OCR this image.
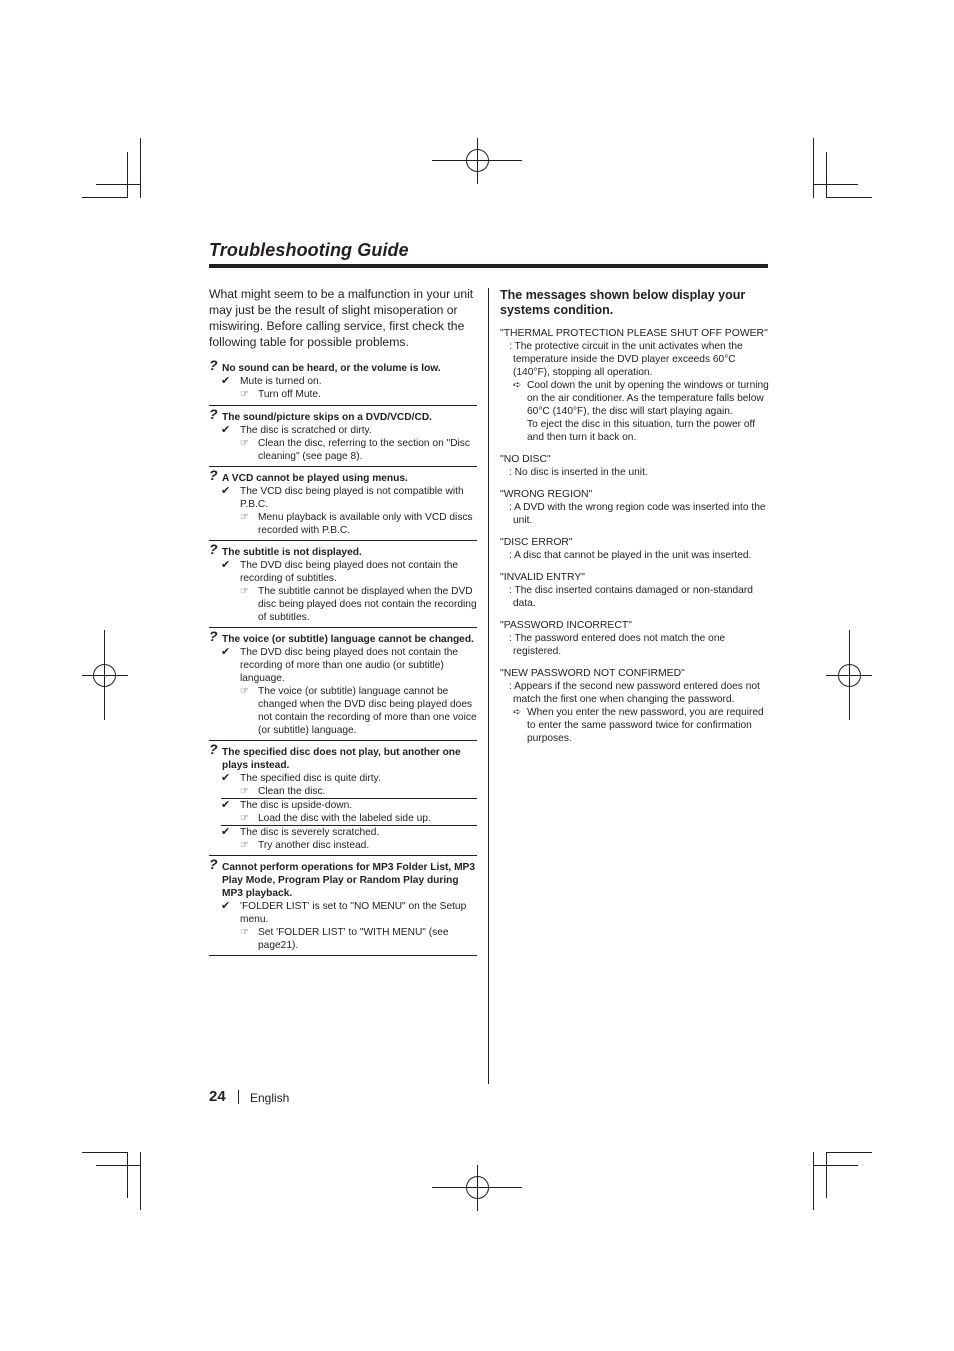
Troubleshooting Guide
What might seem to be a malfunction in your unit may just be the result of slight misoperation or miswiring. Before calling service, first check the following table for possible problems.
? No sound can be heard, or the volume is low.
✔ Mute is turned on.
☞ Turn off Mute.
? The sound/picture skips on a DVD/VCD/CD.
✔ The disc is scratched or dirty.
☞ Clean the disc, referring to the section on "Disc cleaning" (see page 8).
? A VCD cannot be played using menus.
✔ The VCD disc being played is not compatible with P.B.C.
☞ Menu playback is available only with VCD discs recorded with P.B.C.
? The subtitle is not displayed.
✔ The DVD disc being played does not contain the recording of subtitles.
☞ The subtitle cannot be displayed when the DVD disc being played does not contain the recording of subtitles.
? The voice (or subtitle) language cannot be changed.
✔ The DVD disc being played does not contain the recording of more than one audio (or subtitle) language.
☞ The voice (or subtitle) language cannot be changed when the DVD disc being played does not contain the recording of more than one voice (or subtitle) language.
? The specified disc does not play, but another one plays instead.
✔ The specified disc is quite dirty.
☞ Clean the disc.
✔ The disc is upside-down.
☞ Load the disc with the labeled side up.
✔ The disc is severely scratched.
☞ Try another disc instead.
? Cannot perform operations for MP3 Folder List, MP3 Play Mode, Program Play or Random Play during MP3 playback.
✔ 'FOLDER LIST' is set to "NO MENU" on the Setup menu.
☞ Set 'FOLDER LIST' to "WITH MENU" (see page21).
The messages shown below display your systems condition.
"THERMAL PROTECTION PLEASE SHUT OFF POWER"
: The protective circuit in the unit activates when the temperature inside the DVD player exceeds 60°C (140°F), stopping all operation.
➪ Cool down the unit by opening the windows or turning on the air conditioner. As the temperature falls below 60°C (140°F), the disc will start playing again.
To eject the disc in this situation, turn the power off and then turn it back on.
"NO DISC"
: No disc is inserted in the unit.
"WRONG REGION"
: A DVD with the wrong region code was inserted into the unit.
"DISC ERROR"
: A disc that cannot be played in the unit was inserted.
"INVALID ENTRY"
: The disc inserted contains damaged or non-standard data.
"PASSWORD INCORRECT"
: The password entered does not match the one registered.
"NEW PASSWORD NOT CONFIRMED"
: Appears if the second new password entered does not match the first one when changing the password.
➪ When you enter the new password, you are required to enter the same password twice for confirmation purposes.
24 English
